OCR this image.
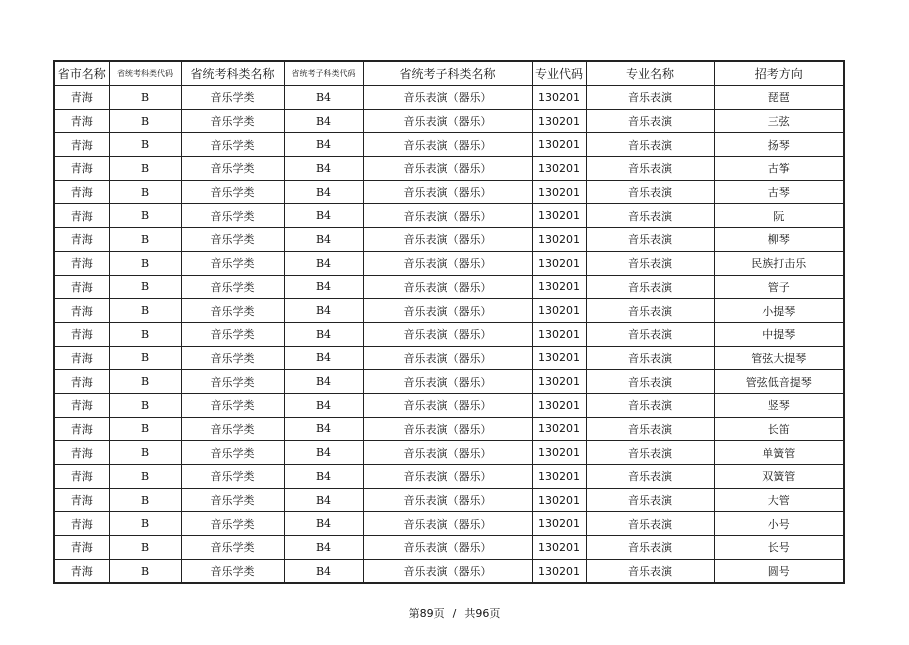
省市名称	省统考科类代码	省统考科类名称	省统考子科类代码	省统考子科类名称	专业代码	专业名称	招考方向
青海	B	音乐学类	B4	音乐表演（器乐）	130201	音乐表演	琵琶
青海	B	音乐学类	B4	音乐表演（器乐）	130201	音乐表演	三弦
青海	B	音乐学类	B4	音乐表演（器乐）	130201	音乐表演	扬琴
青海	B	音乐学类	B4	音乐表演（器乐）	130201	音乐表演	古筝
青海	B	音乐学类	B4	音乐表演（器乐）	130201	音乐表演	古琴
青海	B	音乐学类	B4	音乐表演（器乐）	130201	音乐表演	阮
青海	B	音乐学类	B4	音乐表演（器乐）	130201	音乐表演	柳琴
青海	B	音乐学类	B4	音乐表演（器乐）	130201	音乐表演	民族打击乐
青海	B	音乐学类	B4	音乐表演（器乐）	130201	音乐表演	管子
青海	B	音乐学类	B4	音乐表演（器乐）	130201	音乐表演	小提琴
青海	B	音乐学类	B4	音乐表演（器乐）	130201	音乐表演	中提琴
青海	B	音乐学类	B4	音乐表演（器乐）	130201	音乐表演	管弦大提琴
青海	B	音乐学类	B4	音乐表演（器乐）	130201	音乐表演	管弦低音提琴
青海	B	音乐学类	B4	音乐表演（器乐）	130201	音乐表演	竖琴
青海	B	音乐学类	B4	音乐表演（器乐）	130201	音乐表演	长笛
青海	B	音乐学类	B4	音乐表演（器乐）	130201	音乐表演	单簧管
青海	B	音乐学类	B4	音乐表演（器乐）	130201	音乐表演	双簧管
青海	B	音乐学类	B4	音乐表演（器乐）	130201	音乐表演	大管
青海	B	音乐学类	B4	音乐表演（器乐）	130201	音乐表演	小号
青海	B	音乐学类	B4	音乐表演（器乐）	130201	音乐表演	长号
青海	B	音乐学类	B4	音乐表演（器乐）	130201	音乐表演	圆号
第89页 / 共96页
